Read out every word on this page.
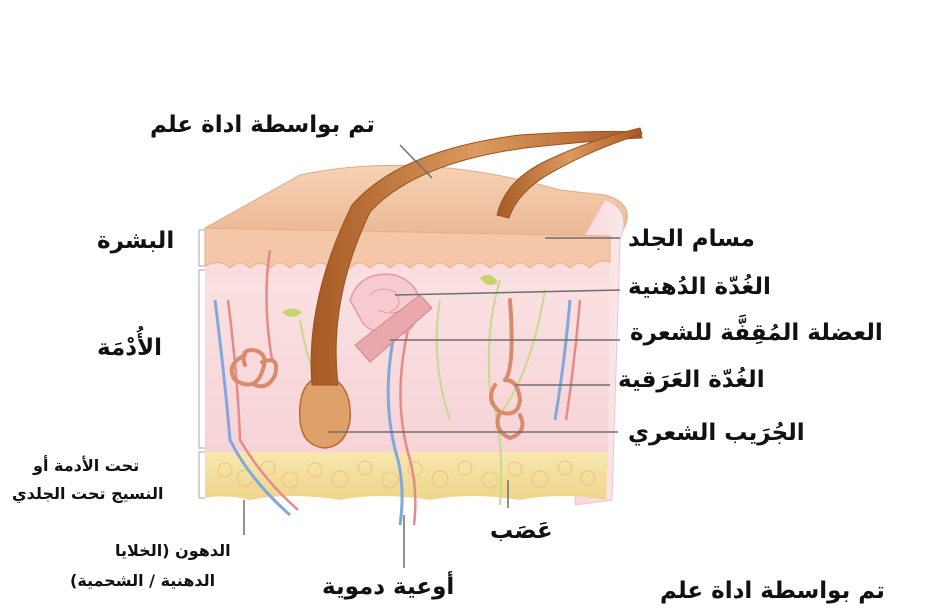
تم بواسطة اداة علم
البشرة
الأُدْمَة
تحت الأدمة أو
النسيج تحت الجلدي
الدهون (الخلايا
الدهنية / الشحمية)	أوعية دموية
عَصَب
مسام الجلد
الغُدّة الدُهنية
العضلة المُقِفَّة للشعرة
الغُدّة العَرَقية
الجُرَيب الشعري
تم بواسطة اداة علم
